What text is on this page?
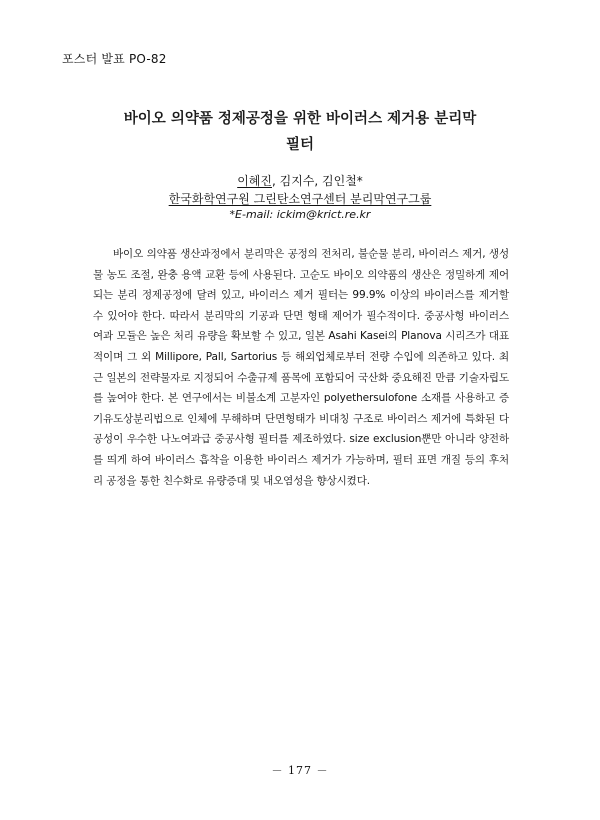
포스터 발표 PO-82
바이오 의약품 정제공정을 위한 바이러스 제거용 분리막
필터
이혜진, 김지수, 김인철*
한국화학연구원 그린탄소연구센터 분리막연구그룹
*E-mail: ickim@krict.re.kr
바이오 의약품 생산과정에서 분리막은 공정의 전처리, 불순물 분리, 바이러스 제거, 생성물 농도 조절, 완충 용액 교환 등에 사용된다. 고순도 바이오 의약품의 생산은 정밀하게 제어되는 분리 정제공정에 달려 있고, 바이러스 제거 필터는 99.9% 이상의 바이러스를 제거할 수 있어야 한다. 따라서 분리막의 기공과 단면 형태 제어가 필수적이다. 중공사형 바이러스 여과 모듈은 높은 처리 유량을 확보할 수 있고, 일본 Asahi Kasei의 Planova 시리즈가 대표적이며 그 외 Millipore, Pall, Sartorius 등 해외업체로부터 전량 수입에 의존하고 있다. 최근 일본의 전략물자로 지정되어 수출규제 품목에 포함되어 국산화 중요해진 만큼 기술자립도를 높여야 한다. 본 연구에서는 비불소계 고분자인 polyethersulofone 소재를 사용하고 증기유도상분리법으로 인체에 무해하며 단면형태가 비대칭 구조로 바이러스 제거에 특화된 다공성이 우수한 나노여과급 중공사형 필터를 제조하였다. size exclusion뿐만 아니라 양전하를 띄게 하여 바이러스 흡착을 이용한 바이러스 제거가 가능하며, 필터 표면 개질 등의 후처리 공정을 통한 친수화로 유량증대 및 내오염성을 향상시켰다.
－ 177 －
